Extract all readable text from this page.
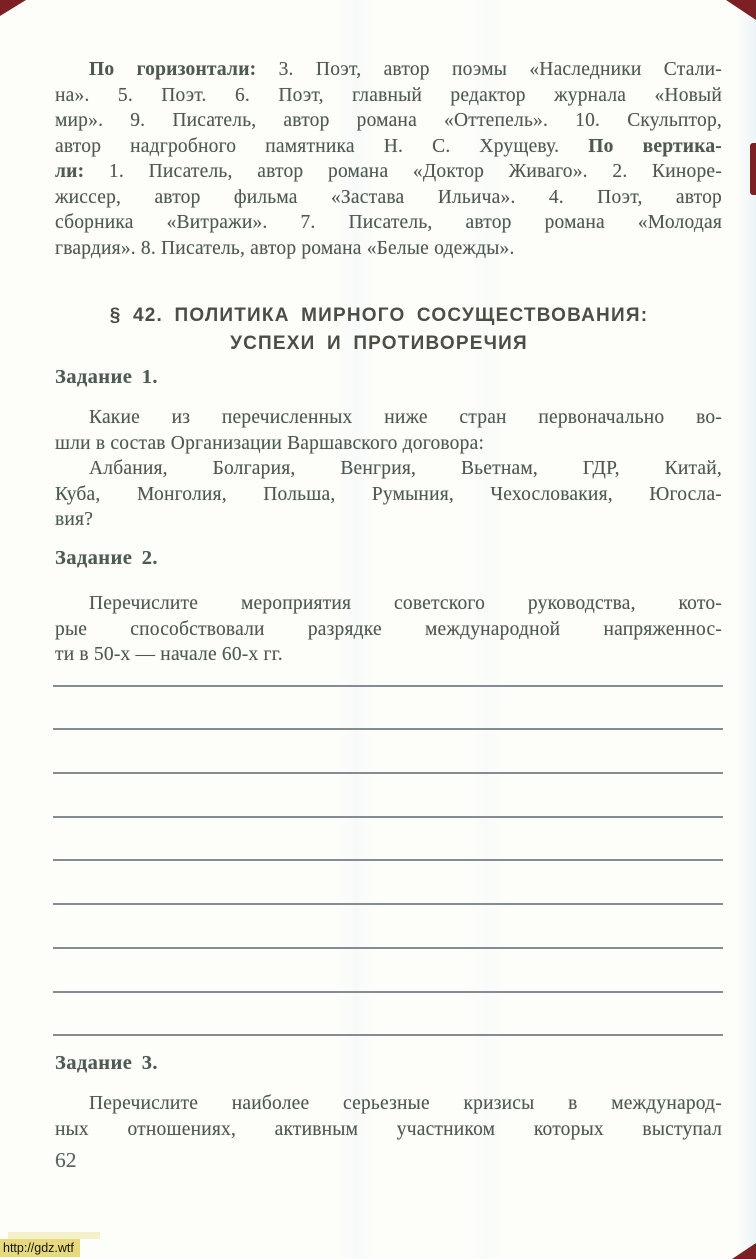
По горизонтали: 3. Поэт, автор поэмы «Наследники Стали-
на». 5. Поэт. 6. Поэт, главный редактор журнала «Новый
мир». 9. Писатель, автор романа «Оттепель». 10. Скульптор,
автор надгробного памятника Н. С. Хрущеву. По вертика-
ли: 1. Писатель, автор романа «Доктор Живаго». 2. Киноре-
жиссер, автор фильма «Застава Ильича». 4. Поэт, автор
сборника «Витражи». 7. Писатель, автор романа «Молодая
гвардия». 8. Писатель, автор романа «Белые одежды».
§ 42. ПОЛИТИКА МИРНОГО СОСУЩЕСТВОВАНИЯ:
УСПЕХИ И ПРОТИВОРЕЧИЯ
Задание 1.
Какие из перечисленных ниже стран первоначально во-
шли в состав Организации Варшавского договора:
Албания, Болгария, Венгрия, Вьетнам, ГДР, Китай,
Куба, Монголия, Польша, Румыния, Чехословакия, Югосла-
вия?
Задание 2.
Перечислите мероприятия советского руководства, кото-
рые способствовали разрядке международной напряженнос-
ти в 50-х — начале 60-х гг.
Задание 3.
Перечислите наиболее серьезные кризисы в международ-
ных отношениях, активным участником которых выступал
62
http://gdz.wtf
